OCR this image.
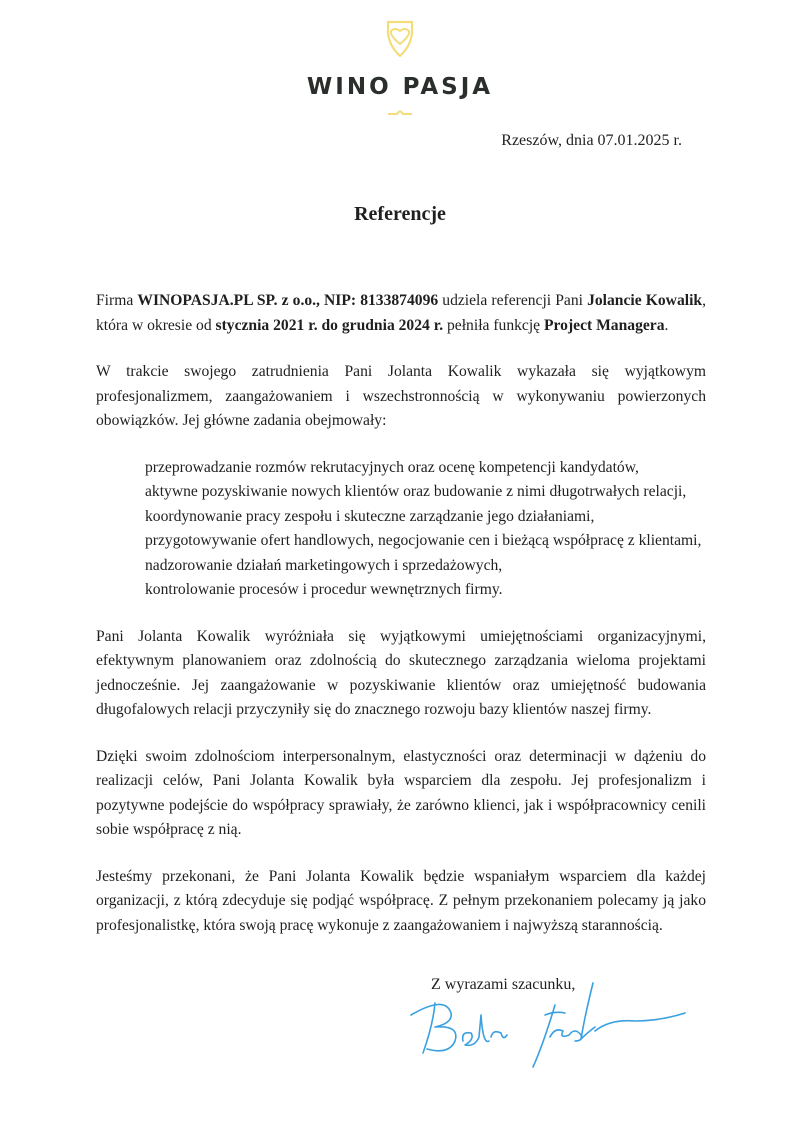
WINO PASJA
Rzeszów, dnia 07.01.2025 r.
Referencje

Firma WINOPASJA.PL SP. z o.o., NIP: 8133874096 udziela referencji Pani Jolancie Kowalik, która w okresie od stycznia 2021 r. do grudnia 2024 r. pełniła funkcję Project Managera.

W trakcie swojego zatrudnienia Pani Jolanta Kowalik wykazała się wyjątkowym profesjonalizmem, zaangażowaniem i wszechstronnością w wykonywaniu powierzonych obowiązków. Jej główne zadania obejmowały:

przeprowadzanie rozmów rekrutacyjnych oraz ocenę kompetencji kandydatów,
aktywne pozyskiwanie nowych klientów oraz budowanie z nimi długotrwałych relacji,
koordynowanie pracy zespołu i skuteczne zarządzanie jego działaniami,
przygotowywanie ofert handlowych, negocjowanie cen i bieżącą współpracę z klientami,
nadzorowanie działań marketingowych i sprzedażowych,
kontrolowanie procesów i procedur wewnętrznych firmy.

Pani Jolanta Kowalik wyróżniała się wyjątkowymi umiejętnościami organizacyjnymi, efektywnym planowaniem oraz zdolnością do skutecznego zarządzania wieloma projektami jednocześnie. Jej zaangażowanie w pozyskiwanie klientów oraz umiejętność budowania długofalowych relacji przyczyniły się do znacznego rozwoju bazy klientów naszej firmy.

Dzięki swoim zdolnościom interpersonalnym, elastyczności oraz determinacji w dążeniu do realizacji celów, Pani Jolanta Kowalik była wsparciem dla zespołu. Jej profesjonalizm i pozytywne podejście do współpracy sprawiały, że zarówno klienci, jak i współpracownicy cenili sobie współpracę z nią.

Jesteśmy przekonani, że Pani Jolanta Kowalik będzie wspaniałym wsparciem dla każdej organizacji, z którą zdecyduje się podjąć współpracę. Z pełnym przekonaniem polecamy ją jako profesjonalistkę, która swoją pracę wykonuje z zaangażowaniem i najwyższą starannością.

Z wyrazami szacunku,
